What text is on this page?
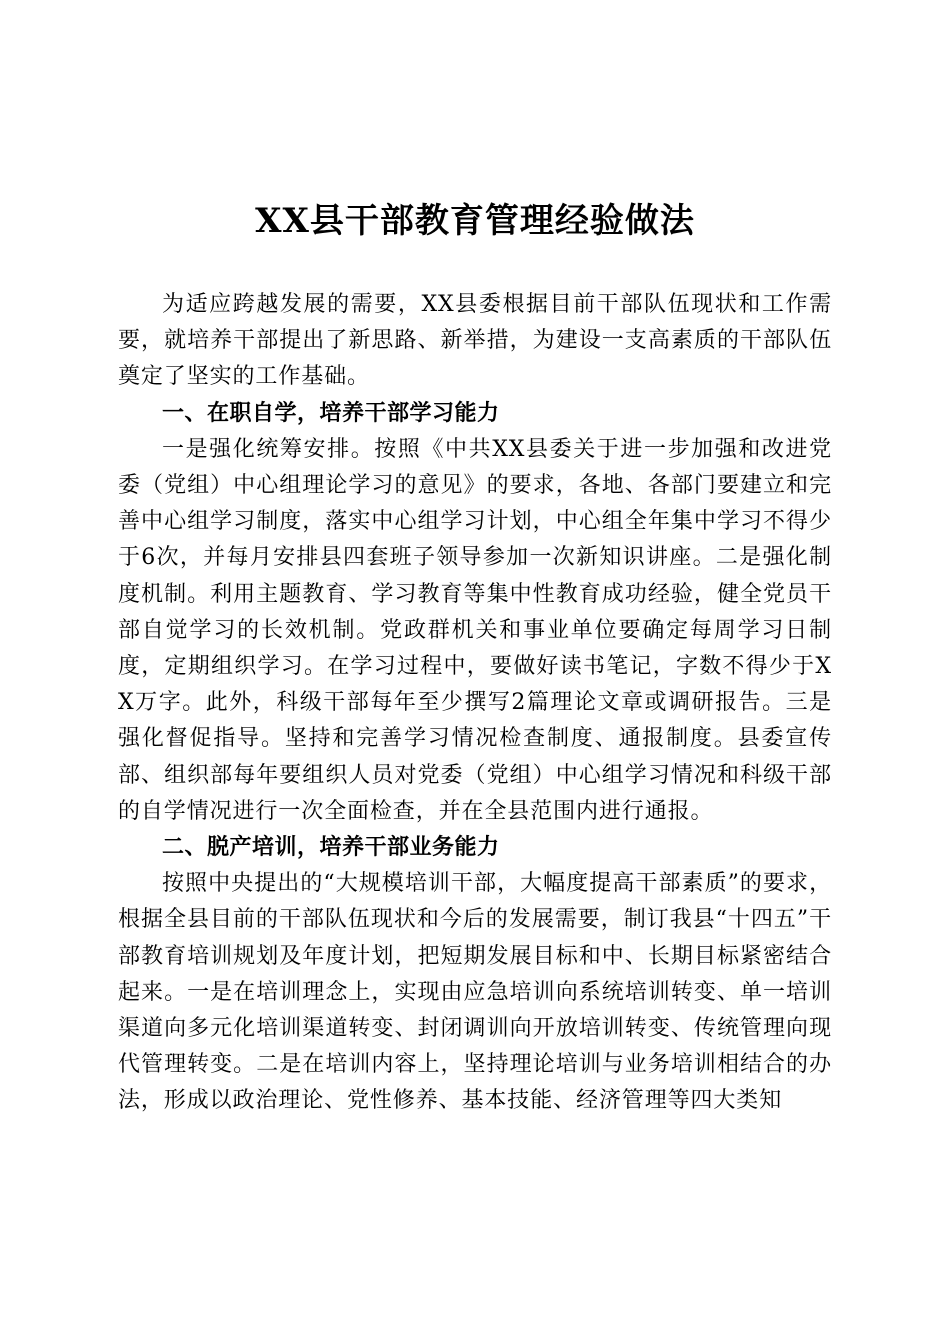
XX县干部教育管理经验做法

为适应跨越发展的需要，XX县委根据目前干部队伍现状和工作需要，就培养干部提出了新思路、新举措，为建设一支高素质的干部队伍奠定了坚实的工作基础。

一、在职自学，培养干部学习能力

一是强化统筹安排。按照《中共XX县委关于进一步加强和改进党委（党组）中心组理论学习的意见》的要求，各地、各部门要建立和完善中心组学习制度，落实中心组学习计划，中心组全年集中学习不得少于6次，并每月安排县四套班子领导参加一次新知识讲座。二是强化制度机制。利用主题教育、学习教育等集中性教育成功经验，健全党员干部自觉学习的长效机制。党政群机关和事业单位要确定每周学习日制度，定期组织学习。在学习过程中，要做好读书笔记，字数不得少于XX万字。此外，科级干部每年至少撰写2篇理论文章或调研报告。三是强化督促指导。坚持和完善学习情况检查制度、通报制度。县委宣传部、组织部每年要组织人员对党委（党组）中心组学习情况和科级干部的自学情况进行一次全面检查，并在全县范围内进行通报。

二、脱产培训，培养干部业务能力

按照中央提出的“大规模培训干部，大幅度提高干部素质”的要求，根据全县目前的干部队伍现状和今后的发展需要，制订我县“十四五”干部教育培训规划及年度计划，把短期发展目标和中、长期目标紧密结合起来。一是在培训理念上，实现由应急培训向系统培训转变、单一培训渠道向多元化培训渠道转变、封闭调训向开放培训转变、传统管理向现代管理转变。二是在培训内容上，坚持理论培训与业务培训相结合的办法，形成以政治理论、党性修养、基本技能、经济管理等四大类知
